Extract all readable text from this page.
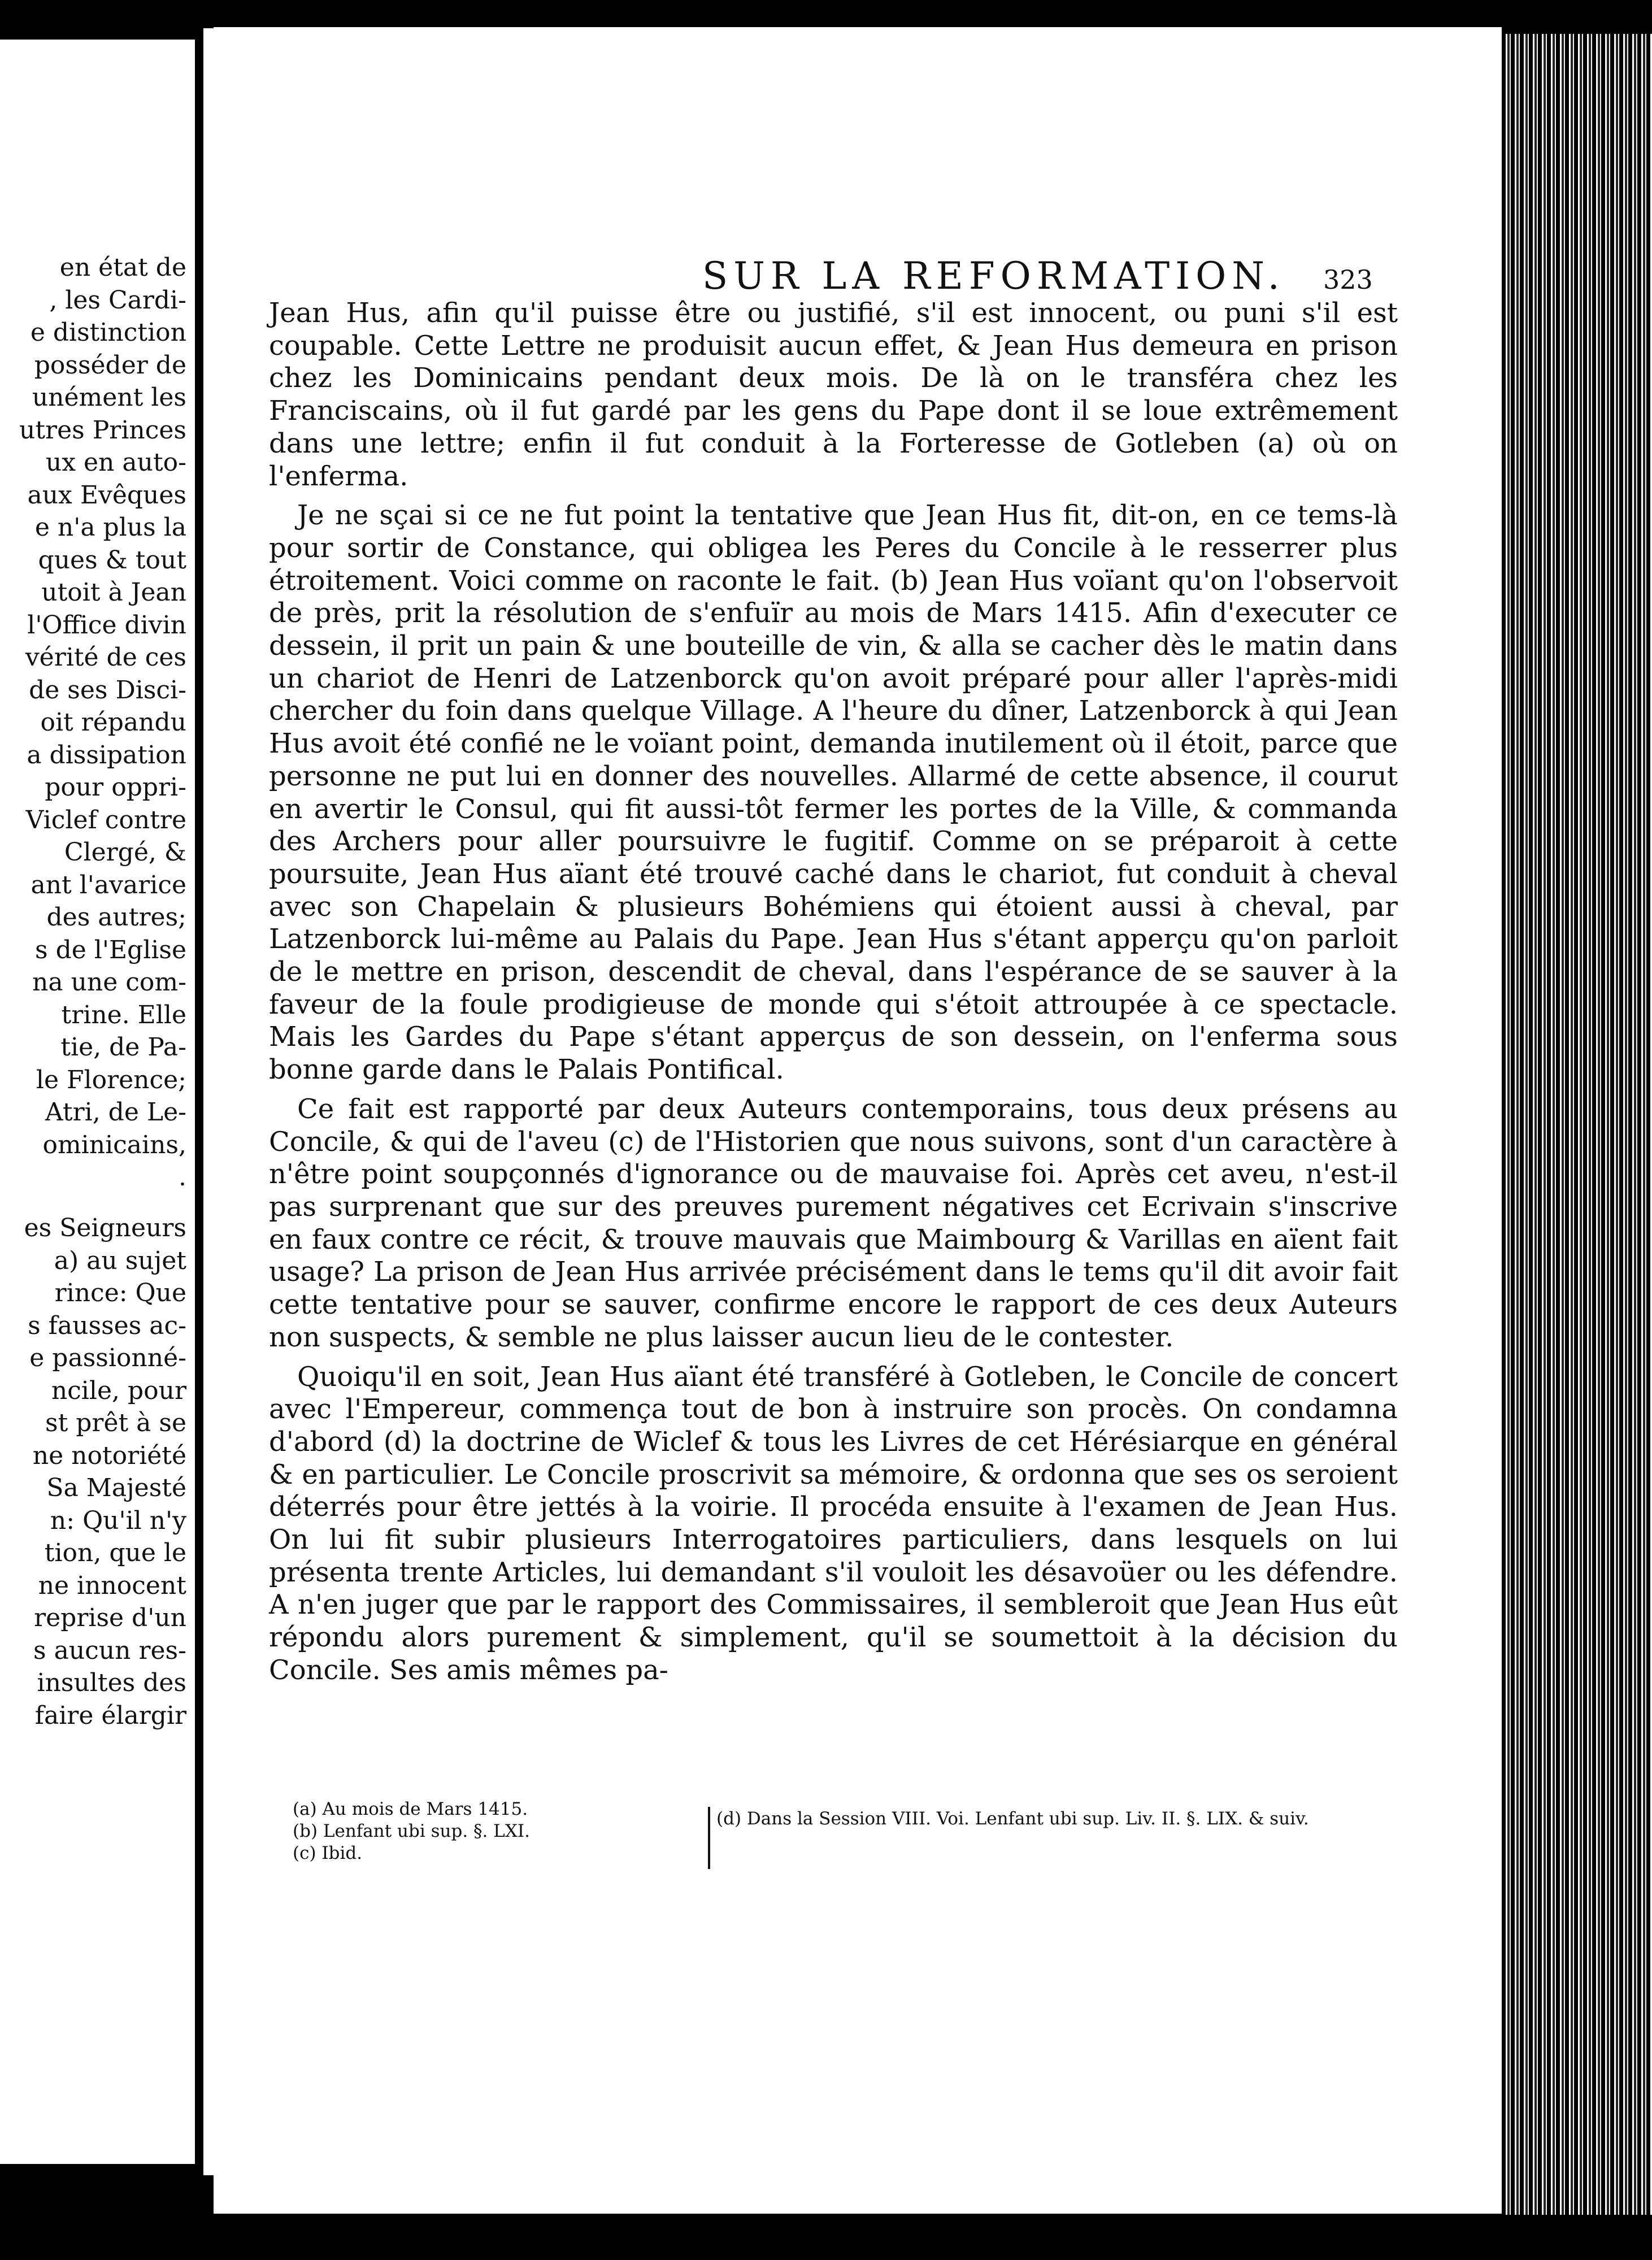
en état de
, les Cardi-
e distinction
posséder de
unément les
utres Princes
ux en auto-
aux Evêques
e n'a plus la
ques & tout
utoit à Jean
l'Office divin
vérité de ces
de ses Disci-
oit répandu
a dissipation
pour oppri-
Viclef contre
Clergé, &
ant l'avarice
des autres;
s de l'Eglise
na une com-
trine. Elle
tie, de Pa-
le Florence;
Atri, de Le-
ominicains,
.
es Seigneurs
a) au sujet
rince: Que
s fausses ac-
e passionné-
ncile, pour
st prêt à se
ne notoriété
Sa Majesté
n: Qu'il n'y
tion, que le
ne innocent
reprise d'un
s aucun res-
insultes des
faire élargir
SUR LA REFORMATION. 323

Jean Hus, afin qu'il puisse être ou justifié, s'il est innocent, ou puni s'il est coupable. Cette Lettre ne produisit aucun effet, & Jean Hus demeura en prison chez les Dominicains pendant deux mois. De là on le transféra chez les Franciscains, où il fut gardé par les gens du Pape dont il se loue extrêmement dans une lettre; enfin il fut conduit à la Forteresse de Gotleben (a) où on l'enferma.

Je ne sçai si ce ne fut point la tentative que Jean Hus fit, dit-on, en ce tems-là pour sortir de Constance, qui obligea les Peres du Concile à le resserrer plus étroitement. Voici comme on raconte le fait. (b) Jean Hus voïant qu'on l'observoit de près, prit la résolution de s'enfuïr au mois de Mars 1415. Afin d'executer ce dessein, il prit un pain & une bouteille de vin, & alla se cacher dès le matin dans un chariot de Henri de Latzenborck qu'on avoit préparé pour aller l'après-midi chercher du foin dans quelque Village. A l'heure du dîner, Latzenborck à qui Jean Hus avoit été confié ne le voïant point, demanda inutilement où il étoit, parce que personne ne put lui en donner des nouvelles. Allarmé de cette absence, il courut en avertir le Consul, qui fit aussi-tôt fermer les portes de la Ville, & commanda des Archers pour aller poursuivre le fugitif. Comme on se préparoit à cette poursuite, Jean Hus aïant été trouvé caché dans le chariot, fut conduit à cheval avec son Chapelain & plusieurs Bohémiens qui étoient aussi à cheval, par Latzenborck lui-même au Palais du Pape. Jean Hus s'étant apperçu qu'on parloit de le mettre en prison, descendit de cheval, dans l'espérance de se sauver à la faveur de la foule prodigieuse de monde qui s'étoit attroupée à ce spectacle. Mais les Gardes du Pape s'étant apperçus de son dessein, on l'enferma sous bonne garde dans le Palais Pontifical.

Ce fait est rapporté par deux Auteurs contemporains, tous deux présens au Concile, & qui de l'aveu (c) de l'Historien que nous suivons, sont d'un caractère à n'être point soupçonnés d'ignorance ou de mauvaise foi. Après cet aveu, n'est-il pas surprenant que sur des preuves purement négatives cet Ecrivain s'inscrive en faux contre ce récit, & trouve mauvais que Maimbourg & Varillas en aïent fait usage? La prison de Jean Hus arrivée précisément dans le tems qu'il dit avoir fait cette tentative pour se sauver, confirme encore le rapport de ces deux Auteurs non suspects, & semble ne plus laisser aucun lieu de le contester.

Quoiqu'il en soit, Jean Hus aïant été transféré à Gotleben, le Concile de concert avec l'Empereur, commença tout de bon à instruire son procès. On condamna d'abord (d) la doctrine de Wiclef & tous les Livres de cet Hérésiarque en général & en particulier. Le Concile proscrivit sa mémoire, & ordonna que ses os seroient déterrés pour être jettés à la voirie. Il procéda ensuite à l'examen de Jean Hus. On lui fit subir plusieurs Interrogatoires particuliers, dans lesquels on lui présenta trente Articles, lui demandant s'il vouloit les désavoüer ou les défendre. A n'en juger que par le rapport des Commissaires, il sembleroit que Jean Hus eût répondu alors purement & simplement, qu'il se soumettoit à la décision du Concile. Ses amis mêmes pa-

(a) Au mois de Mars 1415.
(b) Lenfant ubi sup. §. LXI.
(c) Ibid.
(d) Dans la Session VIII. Voi. Lenfant ubi sup. Liv. II. §. LIX. & suiv.
